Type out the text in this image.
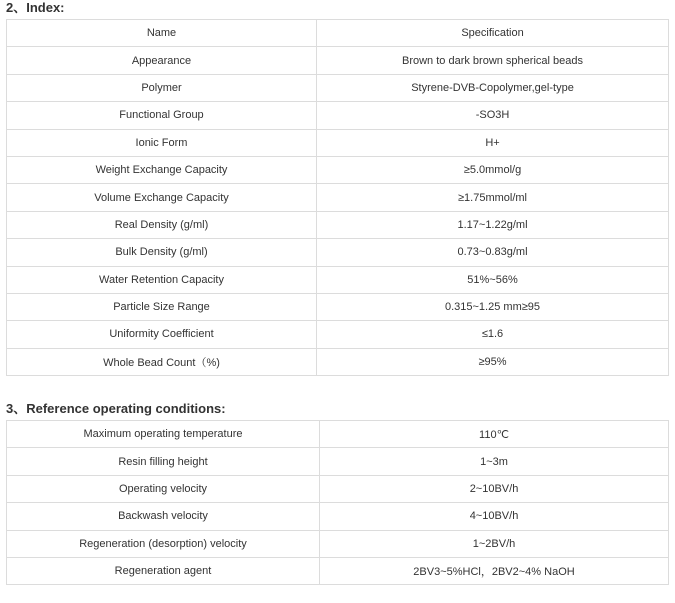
2、Index:
Name	Specification
Appearance	Brown to dark brown spherical beads
Polymer	Styrene-DVB-Copolymer,gel-type
Functional Group	-SO3H
Ionic Form	H+
Weight Exchange Capacity	≥5.0mmol/g
Volume Exchange Capacity	≥1.75mmol/ml
Real Density (g/ml)	1.17~1.22g/ml
Bulk Density (g/ml)	0.73~0.83g/ml
Water Retention Capacity	51%~56%
Particle Size Range	0.315~1.25 mm≥95
Uniformity Coefficient	≤1.6
Whole Bead Count（%)	≥95%
3、Reference operating conditions:
Maximum operating temperature	110℃
Resin filling height	1~3m
Operating velocity	2~10BV/h
Backwash velocity	4~10BV/h
Regeneration (desorption) velocity	1~2BV/h
Regeneration agent	2BV3~5%HCl，2BV2~4% NaOH
